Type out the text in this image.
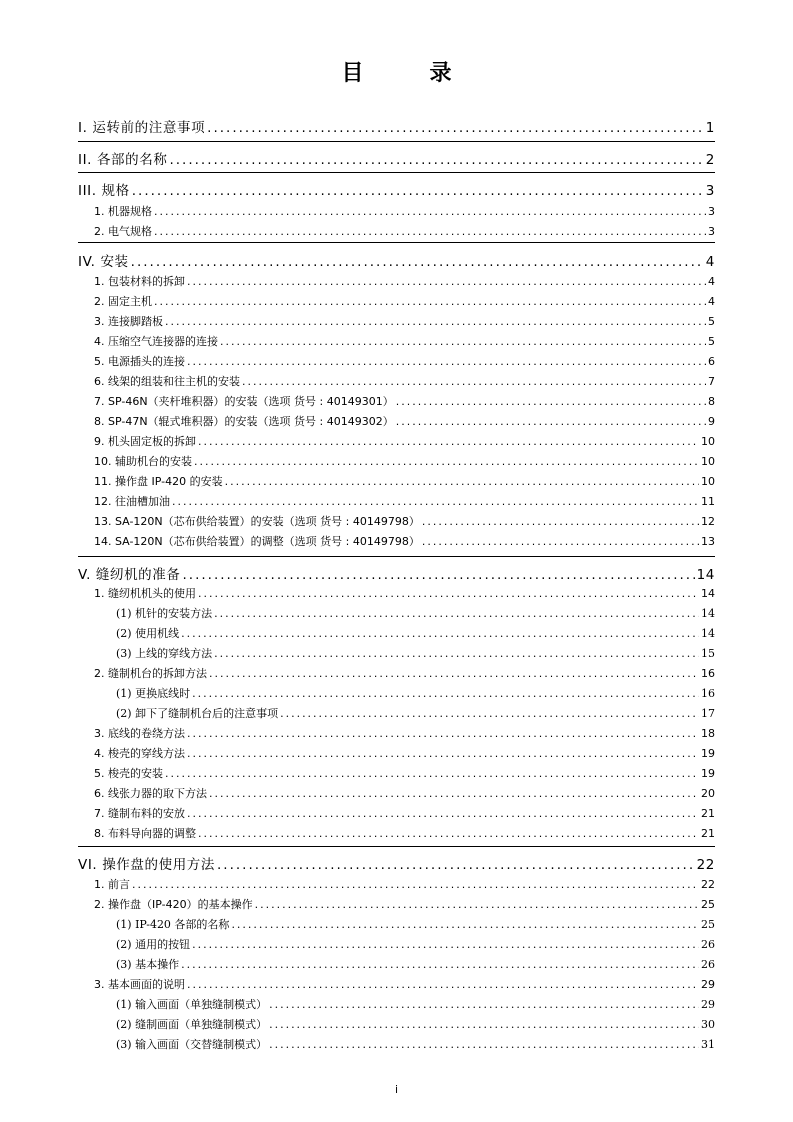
目　录
I. 运转前的注意事项 .....	1
II. 各部的名称 .....	2
III. 规格 .....	3
1. 机器规格 .....	3
2. 电气规格 .....	3
IV. 安装 .....	4
1. 包装材料的拆卸 .....	4
2. 固定主机 .....	4
3. 连接脚踏板 .....	5
4. 压缩空气连接器的连接 .....	5
5. 电源插头的连接 .....	6
6. 线架的组装和往主机的安装 .....	7
7. SP-46N（夹杆堆积器）的安装（选项 货号 : 40149301） .....	8
8. SP-47N（辊式堆积器）的安装（选项 货号 : 40149302） .....	9
9. 机头固定板的拆卸 .....	10
10. 辅助机台的安装 .....	10
11. 操作盘 IP-420 的安装 .....	10
12. 往油槽加油 .....	11
13. SA-120N（芯布供给装置）的安装（选项 货号 : 40149798） .....	12
14. SA-120N（芯布供给装置）的调整（选项 货号 : 40149798） .....	13
V. 缝纫机的准备 .....	14
1. 缝纫机机头的使用 .....	14
(1) 机针的安装方法 .....	14
(2) 使用机线 .....	14
(3) 上线的穿线方法 .....	15
2. 缝制机台的拆卸方法 .....	16
(1) 更换底线时 .....	16
(2) 卸下了缝制机台后的注意事项 .....	17
3. 底线的卷绕方法 .....	18
4. 梭壳的穿线方法 .....	19
5. 梭壳的安装 .....	19
6. 线张力器的取下方法 .....	20
7. 缝制布料的安放 .....	21
8. 布料导向器的调整 .....	21
VI. 操作盘的使用方法 .....	22
1. 前言 .....	22
2. 操作盘（IP-420）的基本操作 .....	25
(1) IP-420 各部的名称 .....	25
(2) 通用的按钮 .....	26
(3) 基本操作 .....	26
3. 基本画面的说明 .....	29
(1) 输入画面（单独缝制模式） .....	29
(2) 缝制画面（单独缝制模式） .....	30
(3) 输入画面（交替缝制模式） .....	31
i
